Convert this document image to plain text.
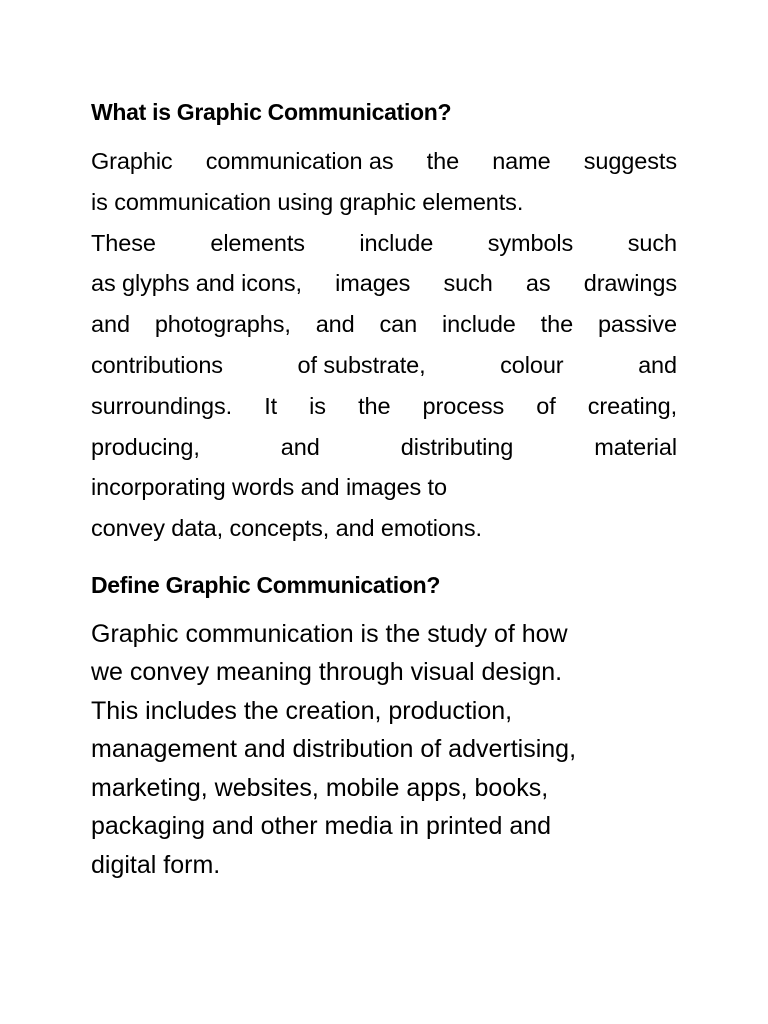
What is Graphic Communication?
Graphic communication as the name suggests
is communication using graphic elements.
These elements include symbols such
as glyphs and icons, images such as drawings
and photographs, and can include the passive
contributions	of substrate,	colour	and
surroundings. It is the process of creating,
producing,	and	distributing	material
incorporating words and images to
convey data, concepts, and emotions.
Define Graphic Communication?
Graphic communication is the study of how
we convey meaning through visual design.
This includes the creation, production,
management and distribution of advertising,
marketing, websites, mobile apps, books,
packaging and other media in printed and
digital form.
